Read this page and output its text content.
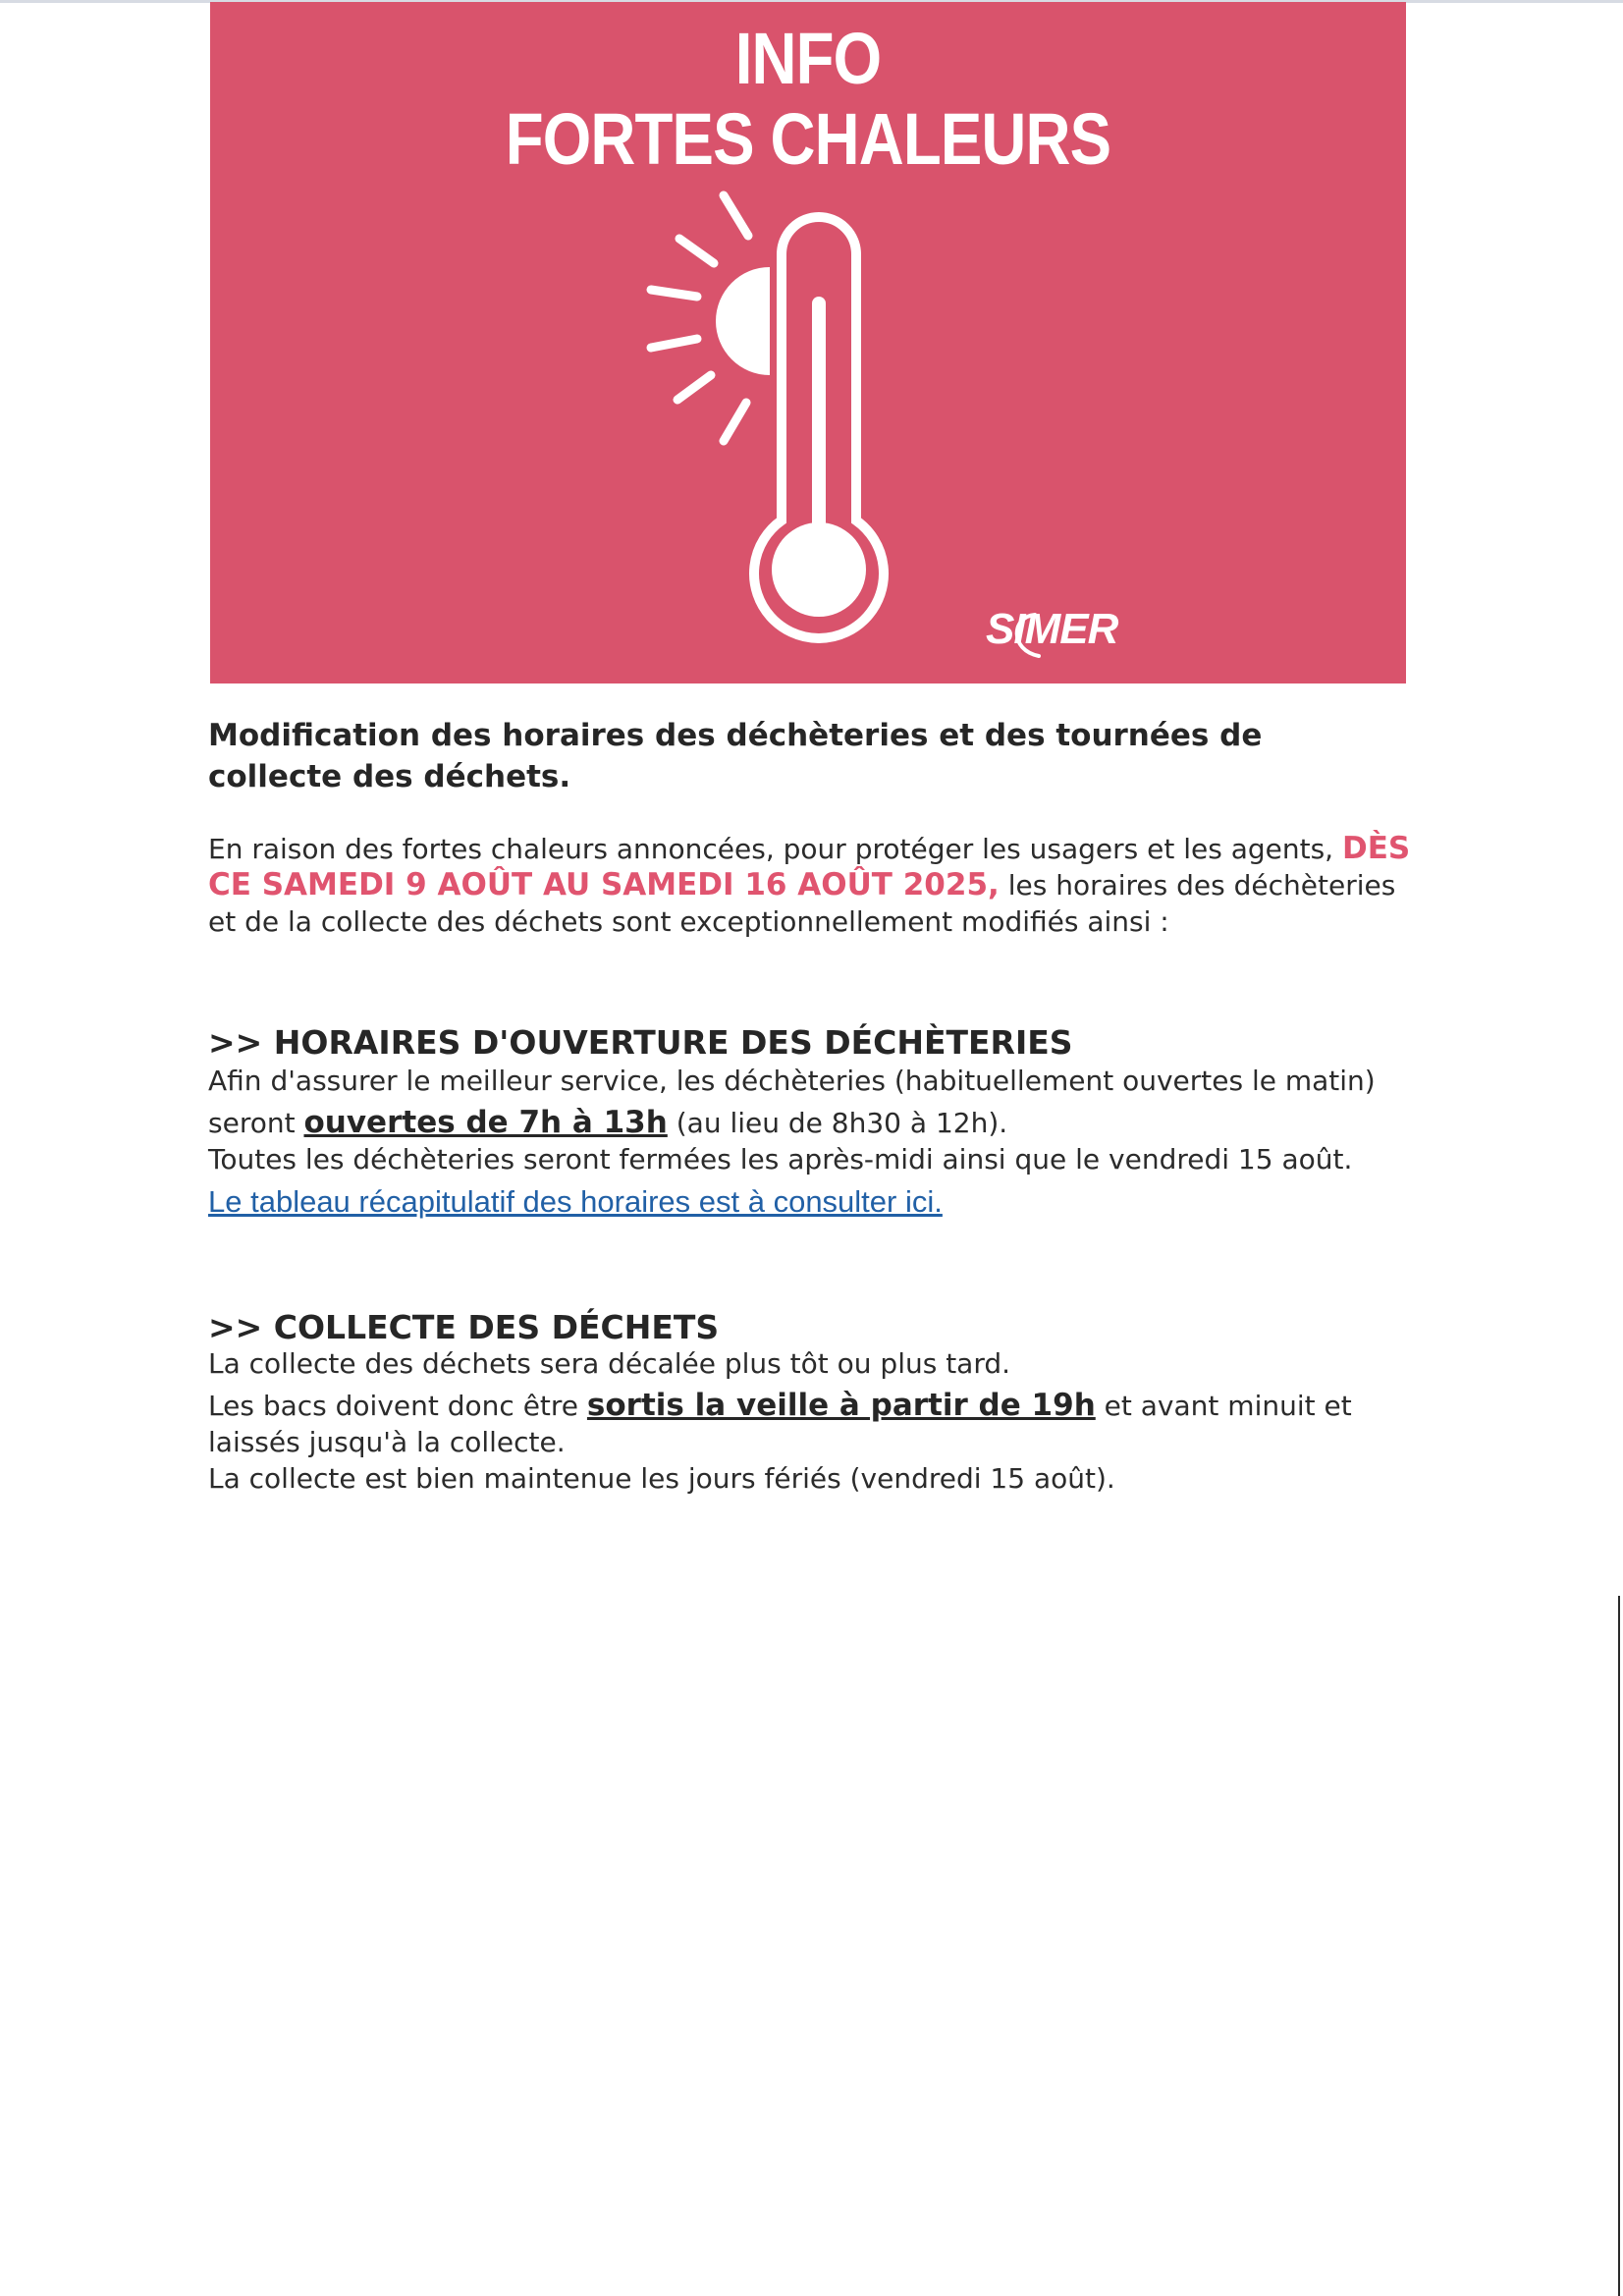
INFO
FORTES CHALEURS
SIMER
Modification des horaires des déchèteries et des tournées de collecte des déchets.
En raison des fortes chaleurs annoncées, pour protéger les usagers et les agents, DÈS CE SAMEDI 9 AOÛT AU SAMEDI 16 AOÛT 2025, les horaires des déchèteries et de la collecte des déchets sont exceptionnellement modifiés ainsi :
>> HORAIRES D'OUVERTURE DES DÉCHÈTERIES
Afin d'assurer le meilleur service, les déchèteries (habituellement ouvertes le matin)
seront ouvertes de 7h à 13h (au lieu de 8h30 à 12h).
Toutes les déchèteries seront fermées les après-midi ainsi que le vendredi 15 août.
Le tableau récapitulatif des horaires est à consulter ici.
>> COLLECTE DES DÉCHETS
La collecte des déchets sera décalée plus tôt ou plus tard.
Les bacs doivent donc être sortis la veille à partir de 19h et avant minuit et laissés jusqu'à la collecte.
La collecte est bien maintenue les jours fériés (vendredi 15 août).
